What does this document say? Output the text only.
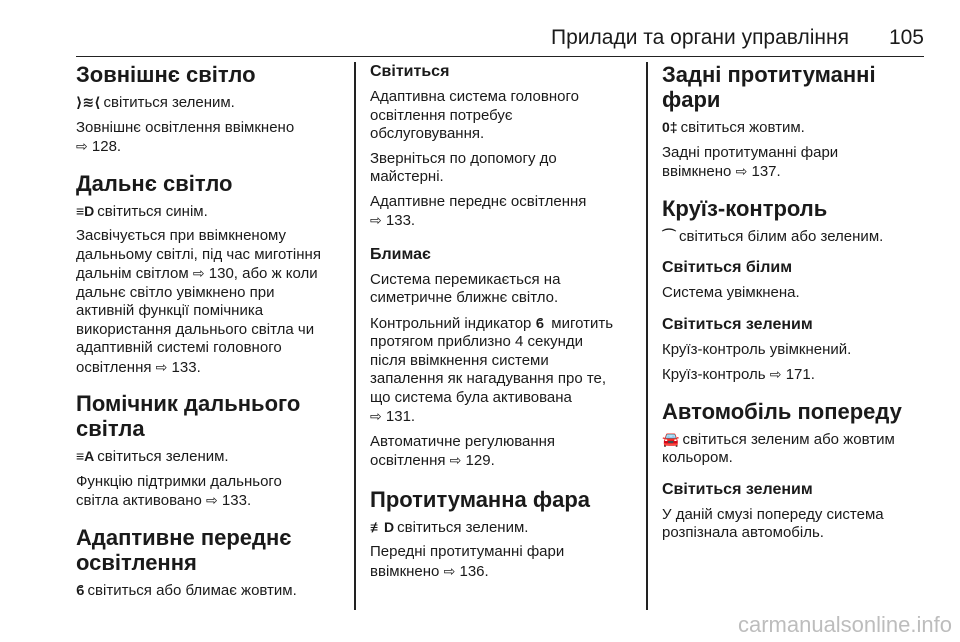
Прилади та органи управління 105
Зовнішнє світло

⟩≋⟨ світиться зеленим.

Зовнішнє освітлення ввімкнено
⇨ 128.

Дальнє світло

≡D світиться синім.

Засвічується при ввімкненому
дальньому світлі, під час миготіння
дальнім світлом ⇨ 130, або ж коли
дальнє світло увімкнено при
активній функції помічника
використання дальнього світла чи
адаптивній системі головного
освітлення ⇨ 133.

Помічник дальнього
світла

≡A світиться зеленим.

Функцію підтримки дальнього
світла активовано ⇨ 133.

Адаптивне переднє
освітлення

ϐ світиться або блимає жовтим.

Світиться

Адаптивна система головного
освітлення потребує
обслуговування.

Зверніться по допомогу до
майстерні.

Адаптивне переднє освітлення
⇨ 133.

Блимає

Система перемикається на
симетричне ближнє світло.

Контрольний індикатор ϐ миготить
протягом приблизно 4 секунди
після ввімкнення системи
запалення як нагадування про те,
що система була активована
⇨ 131.

Автоматичне регулювання
освітлення ⇨ 129.

Протитуманна фара

≢D світиться зеленим.

Передні протитуманні фари
ввімкнено ⇨ 136.

Задні протитуманні фари

0‡ світиться жовтим.

Задні протитуманні фари
ввімкнено ⇨ 137.

Круїз-контроль

⌒ світиться білим або зеленим.

Світиться білим

Система увімкнена.

Світиться зеленим

Круїз-контроль увімкнений.

Круїз-контроль ⇨ 171.

Автомобіль попереду

🚘 світиться зеленим або жовтим
кольором.

Світиться зеленим

У даній смузі попереду система
розпізнала автомобіль.

carmanualsonline.info
